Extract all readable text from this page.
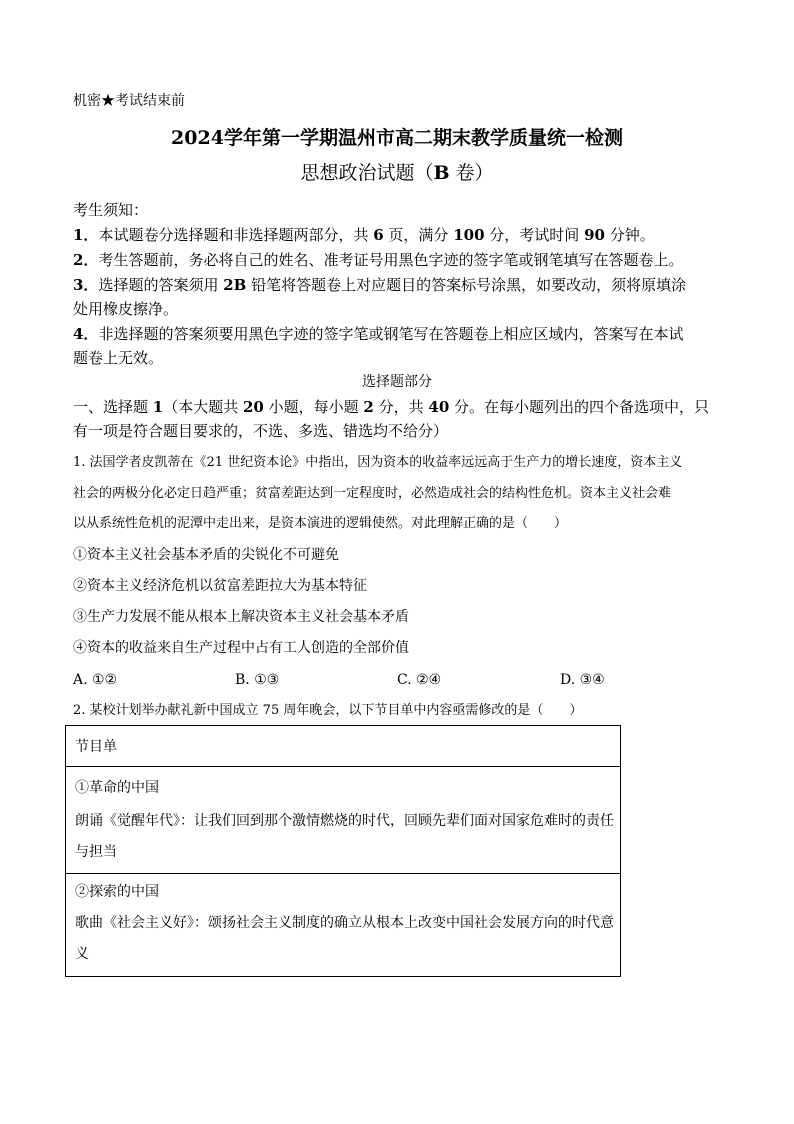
机密★考试结束前
2024学年第一学期温州市高二期末教学质量统一检测
思想政治试题（B 卷）
考生须知：
1．本试题卷分选择题和非选择题两部分，共 6 页，满分 100 分，考试时间 90 分钟。
2．考生答题前，务必将自己的姓名、准考证号用黑色字迹的签字笔或钢笔填写在答题卷上。
3．选择题的答案须用 2B 铅笔将答题卷上对应题目的答案标号涂黑，如要改动，须将原填涂
处用橡皮擦净。
4．非选择题的答案须要用黑色字迹的签字笔或钢笔写在答题卷上相应区域内，答案写在本试
题卷上无效。
选择题部分
一、选择题 1（本大题共 20 小题，每小题 2 分，共 40 分。在每小题列出的四个备选项中，只
有一项是符合题目要求的，不选、多选、错选均不给分）
1. 法国学者皮凯蒂在《21 世纪资本论》中指出，因为资本的收益率远远高于生产力的增长速度，资本主义
社会的两极分化必定日趋严重；贫富差距达到一定程度时，必然造成社会的结构性危机。资本主义社会难
以从系统性危机的泥潭中走出来，是资本演进的逻辑使然。对此理解正确的是（　　）
①资本主义社会基本矛盾的尖锐化不可避免
②资本主义经济危机以贫富差距拉大为基本特征
③生产力发展不能从根本上解决资本主义社会基本矛盾
④资本的收益来自生产过程中占有工人创造的全部价值
A. ①②	B. ①③	C. ②④	D. ③④
2. 某校计划举办献礼新中国成立 75 周年晚会，以下节目单中内容亟需修改的是（　　）
节目单
①革命的中国
朗诵《觉醒年代》：让我们回到那个激情燃烧的时代，回顾先辈们面对国家危难时的责任
与担当
②探索的中国
歌曲《社会主义好》：颂扬社会主义制度的确立从根本上改变中国社会发展方向的时代意
义
